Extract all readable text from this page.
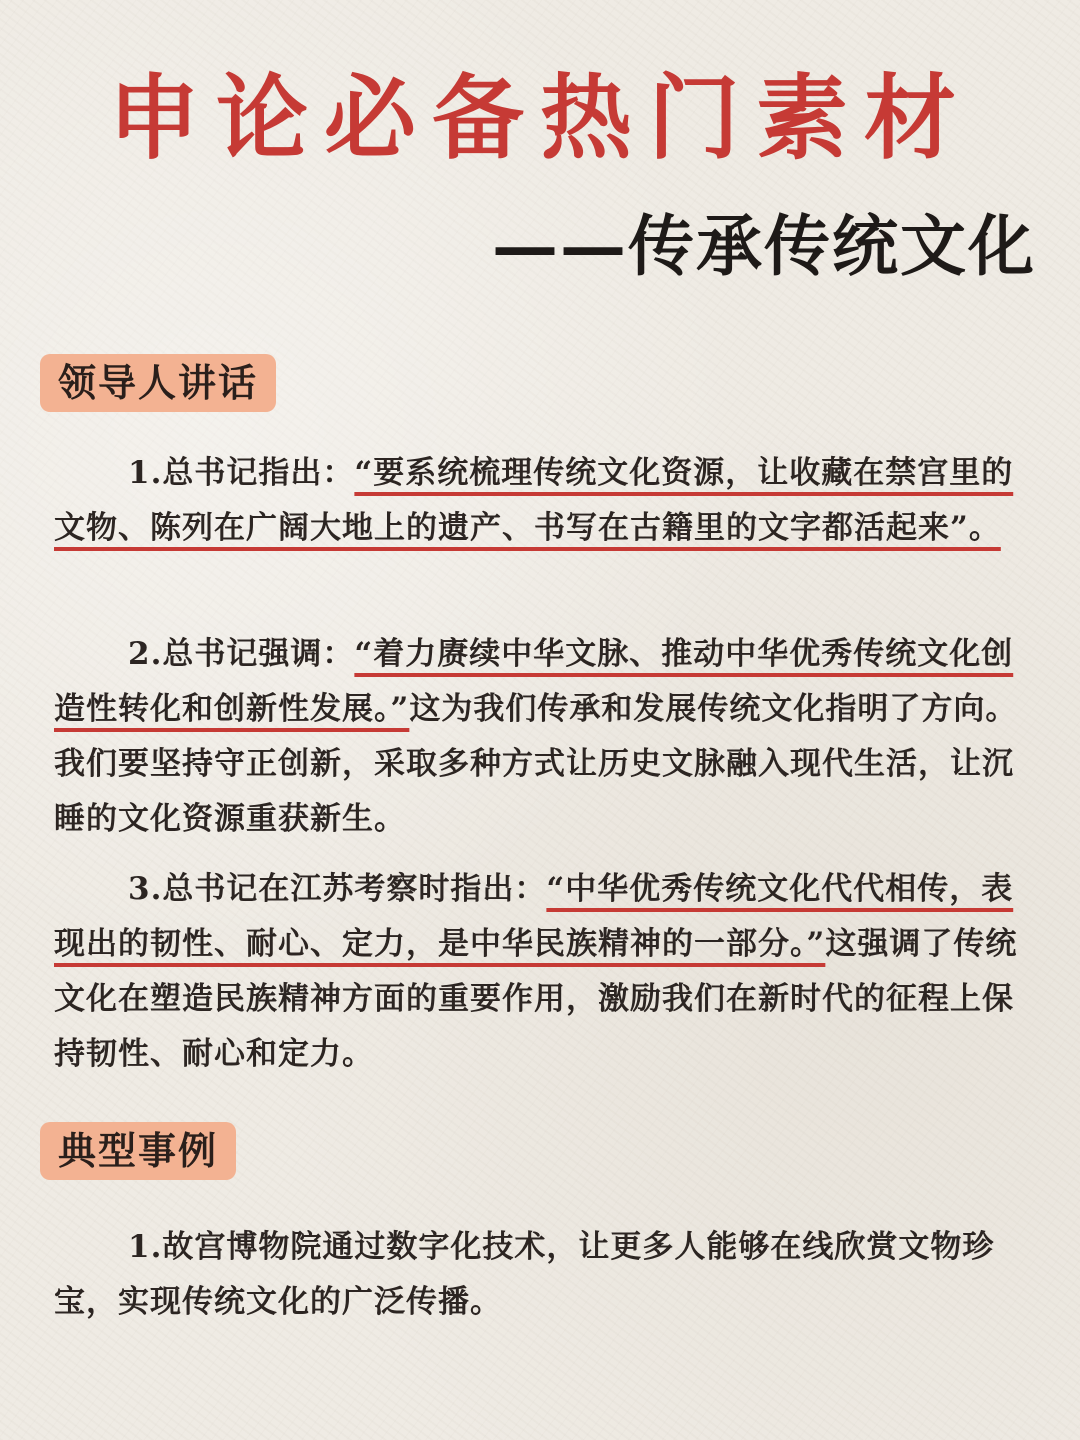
申论必备热门素材
——传承传统文化
领导人讲话
1.总书记指出：“要系统梳理传统文化资源，让收藏在禁宫里的文物、陈列在广阔大地上的遗产、书写在古籍里的文字都活起来”。
2.总书记强调：“着力赓续中华文脉、推动中华优秀传统文化创造性转化和创新性发展。”这为我们传承和发展传统文化指明了方向。我们要坚持守正创新，采取多种方式让历史文脉融入现代生活，让沉睡的文化资源重获新生。
3.总书记在江苏考察时指出：“中华优秀传统文化代代相传，表现出的韧性、耐心、定力，是中华民族精神的一部分。”这强调了传统文化在塑造民族精神方面的重要作用，激励我们在新时代的征程上保持韧性、耐心和定力。
典型事例
1.故宫博物院通过数字化技术，让更多人能够在线欣赏文物珍宝，实现传统文化的广泛传播。
